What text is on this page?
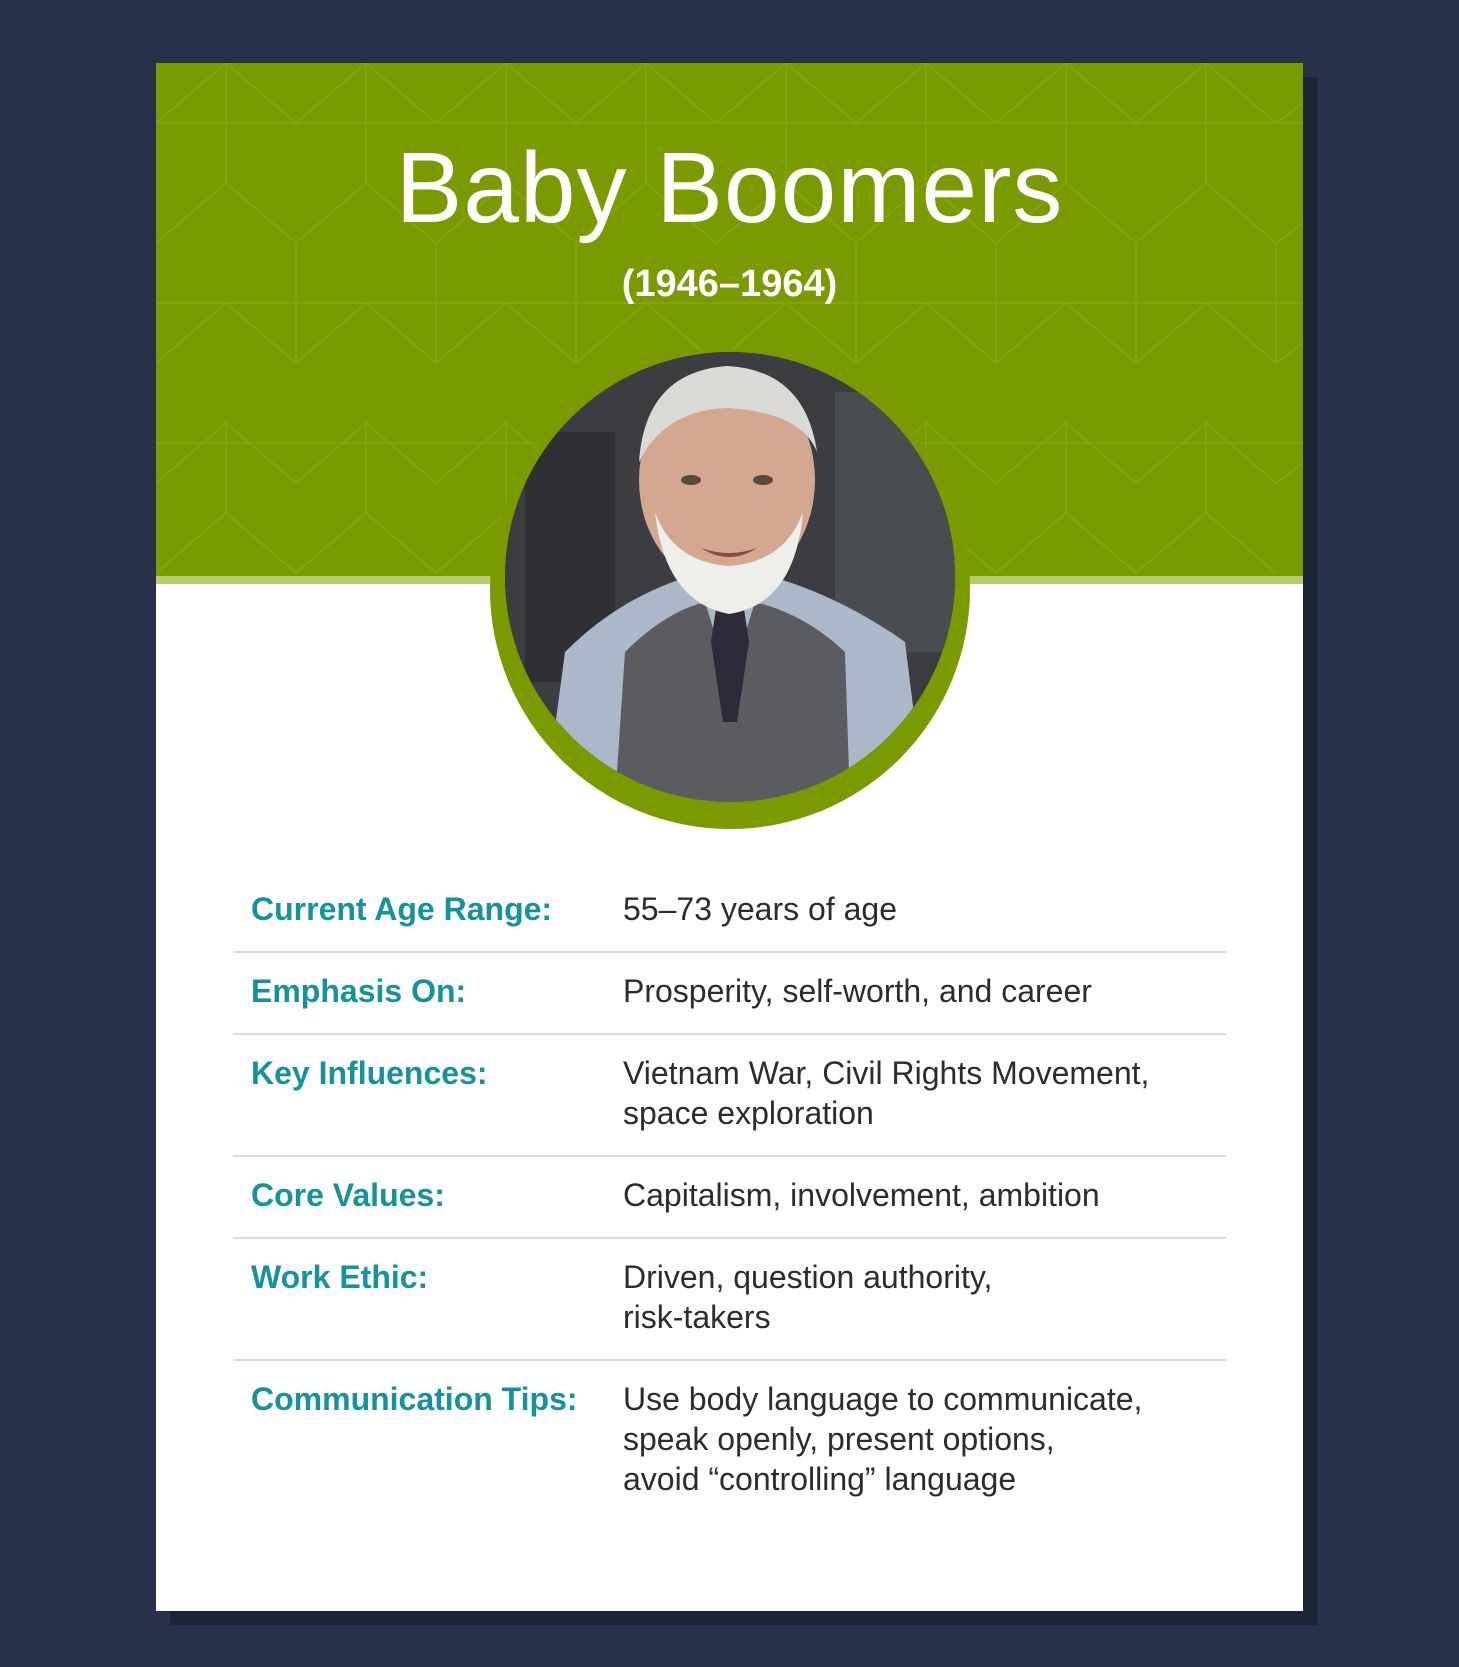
Baby Boomers
(1946–1964)
Current Age Range:	55–73 years of age
Emphasis On:	Prosperity, self-worth, and career
Key Influences:	Vietnam War, Civil Rights Movement,
space exploration
Core Values:	Capitalism, involvement, ambition
Work Ethic:	Driven, question authority,
risk-takers
Communication Tips:	Use body language to communicate,
speak openly, present options,
avoid “controlling” language
